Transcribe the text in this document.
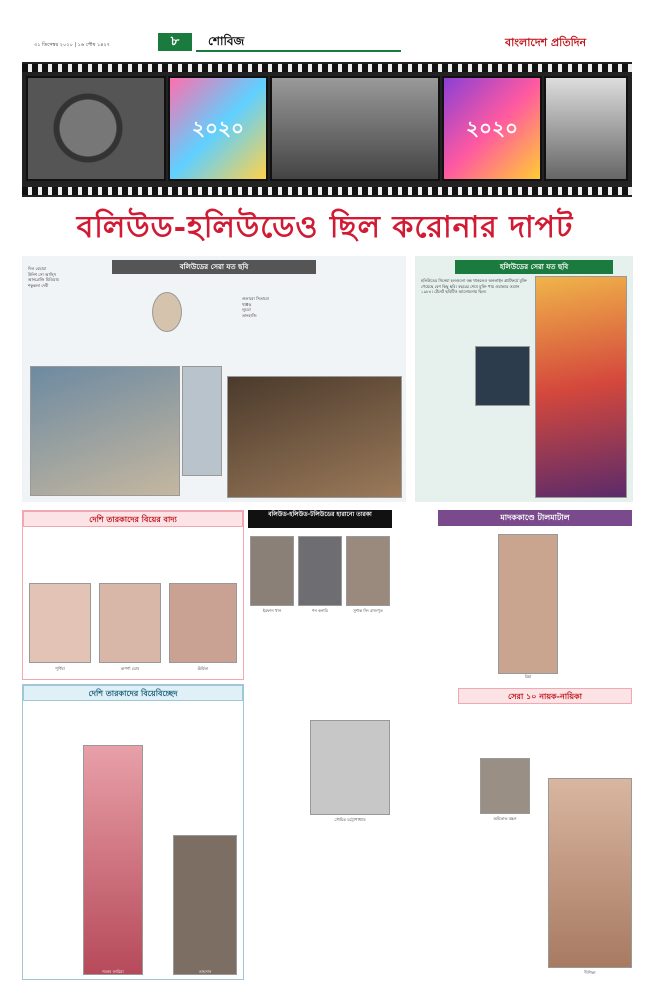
৩১ ডিসেম্বর ২০২০ | ১৬ পৌষ ১৪২৭	৮	শোবিজ	বাংলাদেশ প্রতিদিন
২০২০	২০২০
বলিউড-হলিউডেও ছিল করোনার দাপট
বলিউডের সেরা যত ছবি
দিল বেচারা
উনিশ সো আস্সি
আনগ্রেজি মিডিয়াম
শকুন্তলা দেবী
গুলাবো সিতাবো
থাপ্পড়
লুডো
তানহাজি
হলিউডের সেরা যত ছবি
হলিউডের সিনেমা হলগুলো বন্ধ থাকলেও অনলাইন প্ল্যাটফর্মে মুক্তি পেয়েছে বেশ কিছু ছবি। বছরের শেষে মুক্তি পায় ওয়ান্ডার ওম্যান ১৯৮৪। টেনেট ছবিটিও আলোচনায় ছিল।
দেশি তারকাদের বিয়ের বাদ্য
পূর্ণিমা	অপর্ণা ঘোষ	ঊর্মিলা
বলিউড-হলিউড-টলিউডের হারানো তারকা
ইরফান খান	শন কনারি	সুশান্ত সিং রাজপুত
সৌমিত্র চট্টোপাধ্যায়
মাদককাণ্ডে টালমাটাল
রিয়া
দেশি তারকাদের বিয়েবিচ্ছেদ
শবনম ফারিয়া	তাহসান
সেরা ১০ নায়ক-নায়িকা
অমিতাভ বচ্চন
দীপিকা
